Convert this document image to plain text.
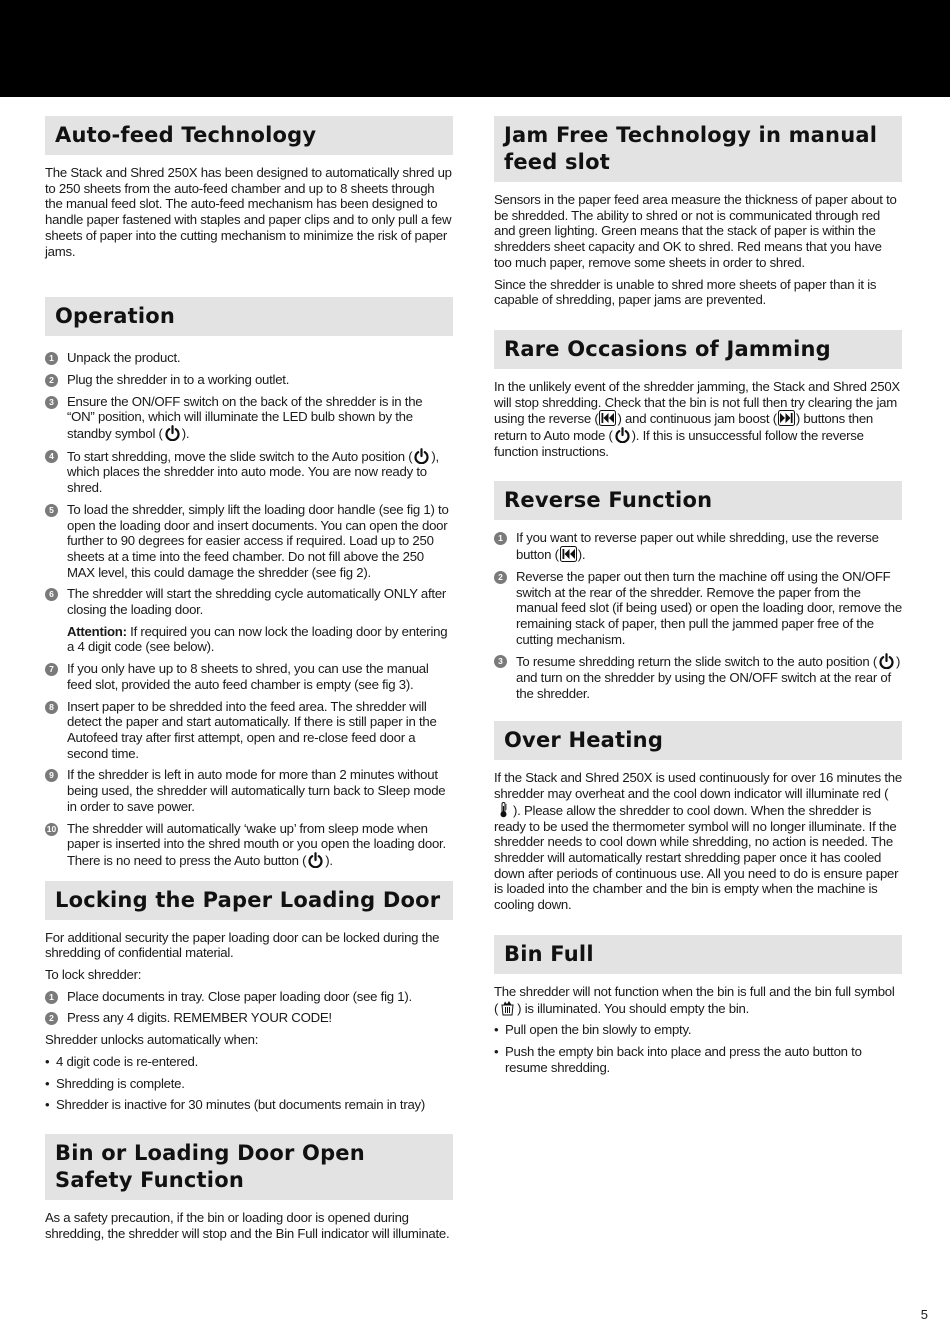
Auto-feed Technology

The Stack and Shred 250X has been designed to automatically shred up to 250 sheets from the auto-feed chamber and up to 8 sheets through the manual feed slot. The auto-feed mechanism has been designed to handle paper fastened with staples and paper clips and to only pull a few sheets of paper into the cutting mechanism to minimize the risk of paper jams.

Operation
1 Unpack the product.
2 Plug the shredder in to a working outlet.
3 Ensure the ON/OFF switch on the back of the shredder is in the “ON” position, which will illuminate the LED bulb shown by the standby symbol ( ).
4 To start shredding, move the slide switch to the Auto position ( ), which places the shredder into auto mode. You are now ready to shred.
5 To load the shredder, simply lift the loading door handle (see fig 1) to open the loading door and insert documents. You can open the door further to 90 degrees for easier access if required. Load up to 250 sheets at a time into the feed chamber. Do not fill above the 250 MAX level, this could damage the shredder (see fig 2).
6 The shredder will start the shredding cycle automatically ONLY after closing the loading door.
Attention: If required you can now lock the loading door by entering a 4 digit code (see below).
7 If you only have up to 8 sheets to shred, you can use the manual feed slot, provided the auto feed chamber is empty (see fig 3).
8 Insert paper to be shredded into the feed area. The shredder will detect the paper and start automatically. If there is still paper in the Autofeed tray after first attempt, open and re-close feed door a second time.
9 If the shredder is left in auto mode for more than 2 minutes without being used, the shredder will automatically turn back to Sleep mode in order to save power.
10 The shredder will automatically ‘wake up’ from sleep mode when paper is inserted into the shred mouth or you open the loading door. There is no need to press the Auto button ( ).
Locking the Paper Loading Door

For additional security the paper loading door can be locked during the shredding of confidential material.

To lock shredder:

1 Place documents in tray. Close paper loading door (see fig 1).
2 Press any 4 digits. REMEMBER YOUR CODE!

Shredder unlocks automatically when:

• 4 digit code is re-entered.
• Shredding is complete.
• Shredder is inactive for 30 minutes (but documents remain in tray)
Bin or Loading Door Open Safety Function

As a safety precaution, if the bin or loading door is opened during shredding, the shredder will stop and the Bin Full indicator will illuminate.

Jam Free Technology in manual feed slot

Sensors in the paper feed area measure the thickness of paper about to be shredded. The ability to shred or not is communicated through red and green lighting. Green means that the stack of paper is within the shredders sheet capacity and OK to shred. Red means that you have too much paper, remove some sheets in order to shred.

Since the shredder is unable to shred more sheets of paper than it is capable of shredding, paper jams are prevented.

Rare Occasions of Jamming

In the unlikely event of the shredder jamming, the Stack and Shred 250X will stop shredding. Check that the bin is not full then try clearing the jam using the reverse ( ) and continuous jam boost ( ) buttons then return to Auto mode ( ). If this is unsuccessful follow the reverse function instructions.

Reverse Function
1 If you want to reverse paper out while shredding, use the reverse button ( ).
2 Reverse the paper out then turn the machine off using the ON/OFF switch at the rear of the shredder. Remove the paper from the manual feed slot (if being used) or open the loading door, remove the remaining stack of paper, then pull the jammed paper free of the cutting mechanism.
3 To resume shredding return the slide switch to the auto position ( ) and turn on the shredder by using the ON/OFF switch at the rear of the shredder.
Over Heating

If the Stack and Shred 250X is used continuously for over 16 minutes the shredder may overheat and the cool down indicator will illuminate red (
). Please allow the shredder to cool down. When the shredder is ready to be used the thermometer symbol will no longer illuminate. If the shredder needs to cool down while shredding, no action is needed. The shredder will automatically restart shredding paper once it has cooled down after periods of continuous use. All you need to do is ensure paper is loaded into the chamber and the bin is empty when the machine is cooling down.

Bin Full

The shredder will not function when the bin is full and the bin full symbol ( ) is illuminated. You should empty the bin.

• Pull open the bin slowly to empty.
• Push the empty bin back into place and press the auto button to resume shredding.
5
